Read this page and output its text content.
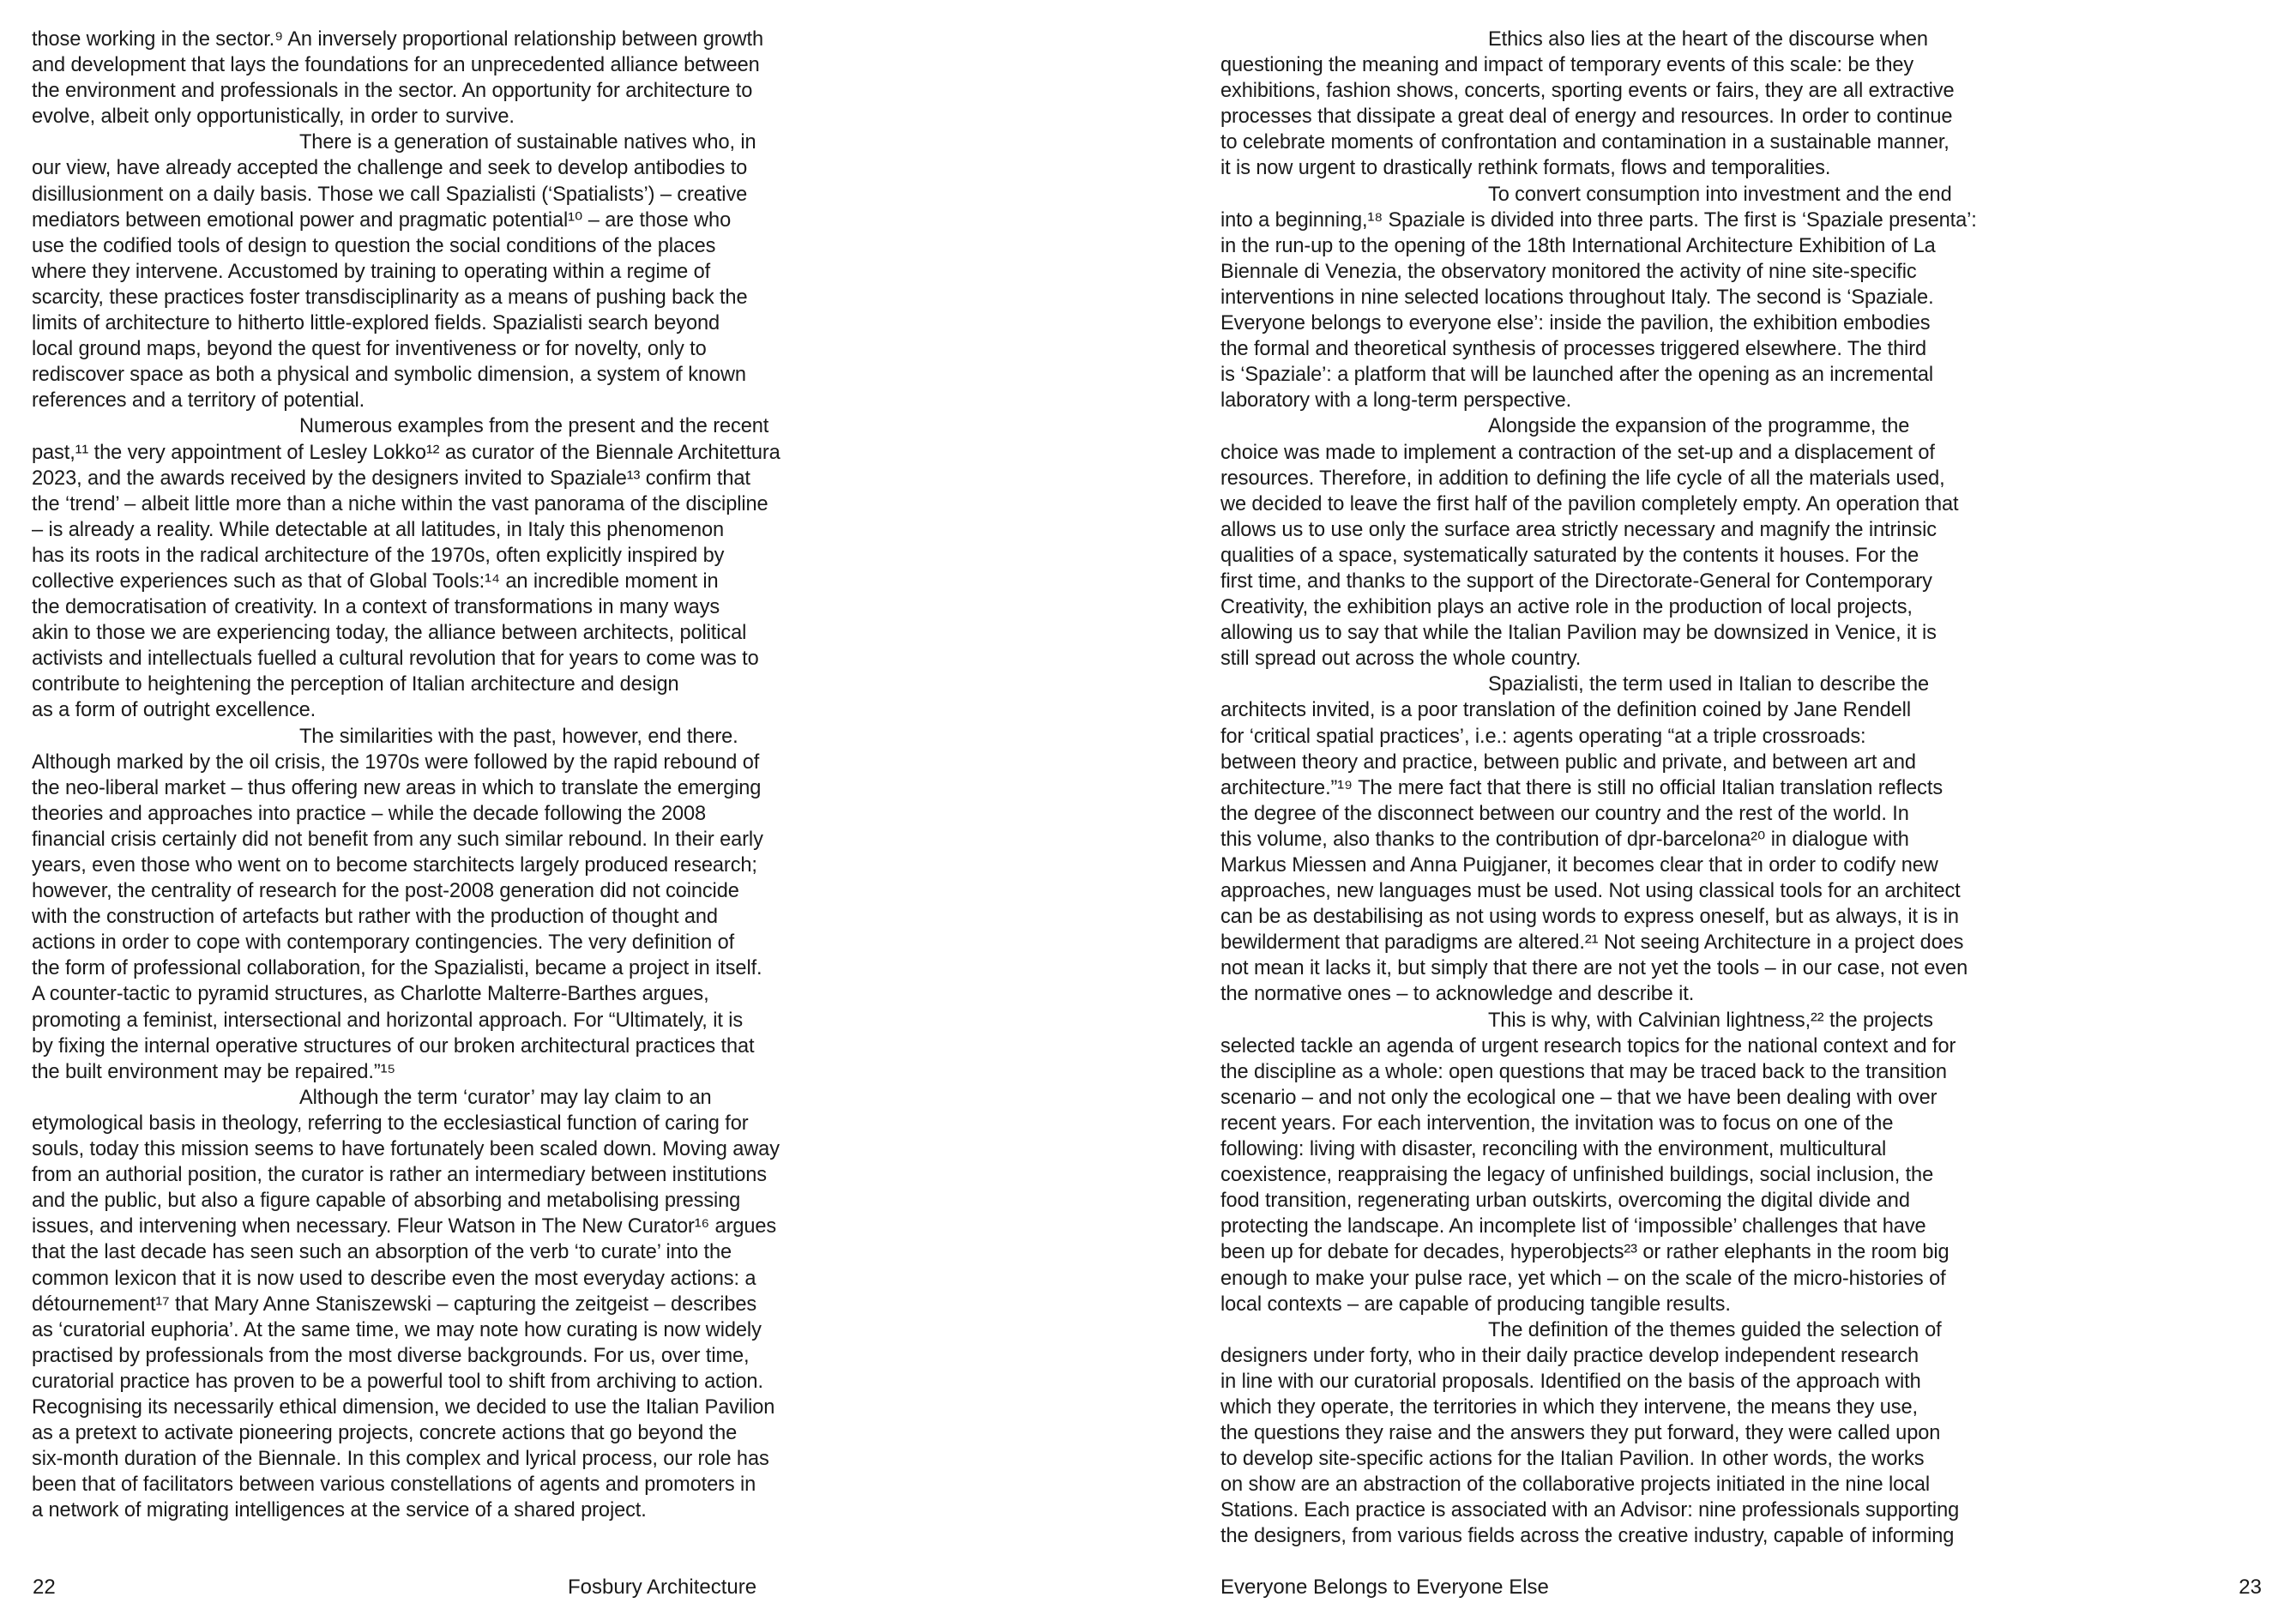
those working in the sector.⁹ An inversely proportional relationship between growth
and development that lays the foundations for an unprecedented alliance between
the environment and professionals in the sector. An opportunity for architecture to
evolve, albeit only opportunistically, in order to survive.

There is a generation of sustainable natives who, in
our view, have already accepted the challenge and seek to develop antibodies to
disillusionment on a daily basis. Those we call Spazialisti (‘Spatialists’) – creative
mediators between emotional power and pragmatic potential¹⁰ – are those who
use the codified tools of design to question the social conditions of the places
where they intervene. Accustomed by training to operating within a regime of
scarcity, these practices foster transdisciplinarity as a means of pushing back the
limits of architecture to hitherto little-explored fields. Spazialisti search beyond
local ground maps, beyond the quest for inventiveness or for novelty, only to
rediscover space as both a physical and symbolic dimension, a system of known
references and a territory of potential.

Numerous examples from the present and the recent
past,¹¹ the very appointment of Lesley Lokko¹² as curator of the Biennale Architettura
2023, and the awards received by the designers invited to Spaziale¹³ confirm that
the ‘trend’ – albeit little more than a niche within the vast panorama of the discipline
– is already a reality. While detectable at all latitudes, in Italy this phenomenon
has its roots in the radical architecture of the 1970s, often explicitly inspired by
collective experiences such as that of Global Tools:¹⁴ an incredible moment in
the democratisation of creativity. In a context of transformations in many ways
akin to those we are experiencing today, the alliance between architects, political
activists and intellectuals fuelled a cultural revolution that for years to come was to
contribute to heightening the perception of Italian architecture and design
as a form of outright excellence.

The similarities with the past, however, end there.
Although marked by the oil crisis, the 1970s were followed by the rapid rebound of
the neo-liberal market – thus offering new areas in which to translate the emerging
theories and approaches into practice – while the decade following the 2008
financial crisis certainly did not benefit from any such similar rebound. In their early
years, even those who went on to become starchitects largely produced research;
however, the centrality of research for the post-2008 generation did not coincide
with the construction of artefacts but rather with the production of thought and
actions in order to cope with contemporary contingencies. The very definition of
the form of professional collaboration, for the Spazialisti, became a project in itself.
A counter-tactic to pyramid structures, as Charlotte Malterre-Barthes argues,
promoting a feminist, intersectional and horizontal approach. For “Ultimately, it is
by fixing the internal operative structures of our broken architectural practices that
the built environment may be repaired.”¹⁵

Although the term ‘curator’ may lay claim to an
etymological basis in theology, referring to the ecclesiastical function of caring for
souls, today this mission seems to have fortunately been scaled down. Moving away
from an authorial position, the curator is rather an intermediary between institutions
and the public, but also a figure capable of absorbing and metabolising pressing
issues, and intervening when necessary. Fleur Watson in The New Curator¹⁶ argues
that the last decade has seen such an absorption of the verb ‘to curate’ into the
common lexicon that it is now used to describe even the most everyday actions: a
détournement¹⁷ that Mary Anne Staniszewski – capturing the zeitgeist – describes
as ‘curatorial euphoria’. At the same time, we may note how curating is now widely
practised by professionals from the most diverse backgrounds. For us, over time,
curatorial practice has proven to be a powerful tool to shift from archiving to action.
Recognising its necessarily ethical dimension, we decided to use the Italian Pavilion
as a pretext to activate pioneering projects, concrete actions that go beyond the
six-month duration of the Biennale. In this complex and lyrical process, our role has
been that of facilitators between various constellations of agents and promoters in
a network of migrating intelligences at the service of a shared project.

22	Fosbury Architecture

Ethics also lies at the heart of the discourse when
questioning the meaning and impact of temporary events of this scale: be they
exhibitions, fashion shows, concerts, sporting events or fairs, they are all extractive
processes that dissipate a great deal of energy and resources. In order to continue
to celebrate moments of confrontation and contamination in a sustainable manner,
it is now urgent to drastically rethink formats, flows and temporalities.

To convert consumption into investment and the end
into a beginning,¹⁸ Spaziale is divided into three parts. The first is ‘Spaziale presenta’:
in the run-up to the opening of the 18th International Architecture Exhibition of La
Biennale di Venezia, the observatory monitored the activity of nine site-specific
interventions in nine selected locations throughout Italy. The second is ‘Spaziale.
Everyone belongs to everyone else’: inside the pavilion, the exhibition embodies
the formal and theoretical synthesis of processes triggered elsewhere. The third
is ‘Spaziale’: a platform that will be launched after the opening as an incremental
laboratory with a long-term perspective.

Alongside the expansion of the programme, the
choice was made to implement a contraction of the set-up and a displacement of
resources. Therefore, in addition to defining the life cycle of all the materials used,
we decided to leave the first half of the pavilion completely empty. An operation that
allows us to use only the surface area strictly necessary and magnify the intrinsic
qualities of a space, systematically saturated by the contents it houses. For the
first time, and thanks to the support of the Directorate-General for Contemporary
Creativity, the exhibition plays an active role in the production of local projects,
allowing us to say that while the Italian Pavilion may be downsized in Venice, it is
still spread out across the whole country.

Spazialisti, the term used in Italian to describe the
architects invited, is a poor translation of the definition coined by Jane Rendell
for ‘critical spatial practices’, i.e.: agents operating “at a triple crossroads:
between theory and practice, between public and private, and between art and
architecture.”¹⁹ The mere fact that there is still no official Italian translation reflects
the degree of the disconnect between our country and the rest of the world. In
this volume, also thanks to the contribution of dpr-barcelona²⁰ in dialogue with
Markus Miessen and Anna Puigjaner, it becomes clear that in order to codify new
approaches, new languages must be used. Not using classical tools for an architect
can be as destabilising as not using words to express oneself, but as always, it is in
bewilderment that paradigms are altered.²¹ Not seeing Architecture in a project does
not mean it lacks it, but simply that there are not yet the tools – in our case, not even
the normative ones – to acknowledge and describe it.

This is why, with Calvinian lightness,²² the projects
selected tackle an agenda of urgent research topics for the national context and for
the discipline as a whole: open questions that may be traced back to the transition
scenario – and not only the ecological one – that we have been dealing with over
recent years. For each intervention, the invitation was to focus on one of the
following: living with disaster, reconciling with the environment, multicultural
coexistence, reappraising the legacy of unfinished buildings, social inclusion, the
food transition, regenerating urban outskirts, overcoming the digital divide and
protecting the landscape. An incomplete list of ‘impossible’ challenges that have
been up for debate for decades, hyperobjects²³ or rather elephants in the room big
enough to make your pulse race, yet which – on the scale of the micro-histories of
local contexts – are capable of producing tangible results.

The definition of the themes guided the selection of
designers under forty, who in their daily practice develop independent research
in line with our curatorial proposals. Identified on the basis of the approach with
which they operate, the territories in which they intervene, the means they use,
the questions they raise and the answers they put forward, they were called upon
to develop site-specific actions for the Italian Pavilion. In other words, the works
on show are an abstraction of the collaborative projects initiated in the nine local
Stations. Each practice is associated with an Advisor: nine professionals supporting
the designers, from various fields across the creative industry, capable of informing

Everyone Belongs to Everyone Else	23
